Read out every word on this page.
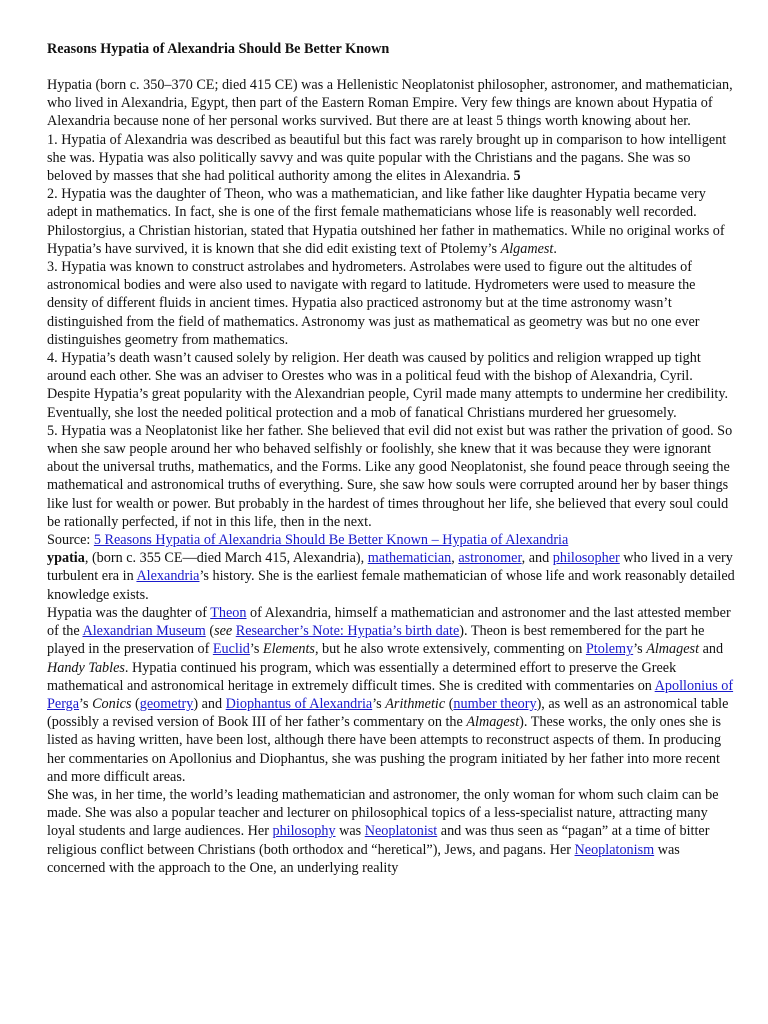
Reasons Hypatia of Alexandria Should Be Better Known

Hypatia (born c. 350–370 CE; died 415 CE) was a Hellenistic Neoplatonist philosopher, astronomer, and mathematician, who lived in Alexandria, Egypt, then part of the Eastern Roman Empire. Very few things are known about Hypatia of Alexandria because none of her personal works survived. But there are at least 5 things worth knowing about her.

1. Hypatia of Alexandria was described as beautiful but this fact was rarely brought up in comparison to how intelligent she was. Hypatia was also politically savvy and was quite popular with the Christians and the pagans. She was so beloved by masses that she had political authority among the elites in Alexandria. 5

2. Hypatia was the daughter of Theon, who was a mathematician, and like father like daughter Hypatia became very adept in mathematics. In fact, she is one of the first female mathematicians whose life is reasonably well recorded. Philostorgius, a Christian historian, stated that Hypatia outshined her father in mathematics. While no original works of Hypatia’s have survived, it is known that she did edit existing text of Ptolemy’s Algamest.

3. Hypatia was known to construct astrolabes and hydrometers. Astrolabes were used to figure out the altitudes of astronomical bodies and were also used to navigate with regard to latitude. Hydrometers were used to measure the density of different fluids in ancient times. Hypatia also practiced astronomy but at the time astronomy wasn’t distinguished from the field of mathematics. Astronomy was just as mathematical as geometry was but no one ever distinguishes geometry from mathematics.

4. Hypatia’s death wasn’t caused solely by religion. Her death was caused by politics and religion wrapped up tight around each other. She was an adviser to Orestes who was in a political feud with the bishop of Alexandria, Cyril. Despite Hypatia’s great popularity with the Alexandrian people, Cyril made many attempts to undermine her credibility. Eventually, she lost the needed political protection and a mob of fanatical Christians murdered her gruesomely.

5. Hypatia was a Neoplatonist like her father. She believed that evil did not exist but was rather the privation of good. So when she saw people around her who behaved selfishly or foolishly, she knew that it was because they were ignorant about the universal truths, mathematics, and the Forms. Like any good Neoplatonist, she found peace through seeing the mathematical and astronomical truths of everything. Sure, she saw how souls were corrupted around her by baser things like lust for wealth or power. But probably in the hardest of times throughout her life, she believed that every soul could be rationally perfected, if not in this life, then in the next.

Source: 5 Reasons Hypatia of Alexandria Should Be Better Known – Hypatia of Alexandria

ypatia, (born c. 355 CE—died March 415, Alexandria), mathematician, astronomer, and philosopher who lived in a very turbulent era in Alexandria’s history. She is the earliest female mathematician of whose life and work reasonably detailed knowledge exists.

Hypatia was the daughter of Theon of Alexandria, himself a mathematician and astronomer and the last attested member of the Alexandrian Museum (see Researcher’s Note: Hypatia’s birth date). Theon is best remembered for the part he played in the preservation of Euclid’s Elements, but he also wrote extensively, commenting on Ptolemy’s Almagest and Handy Tables. Hypatia continued his program, which was essentially a determined effort to preserve the Greek mathematical and astronomical heritage in extremely difficult times. She is credited with commentaries on Apollonius of Perga’s Conics (geometry) and Diophantus of Alexandria’s Arithmetic (number theory), as well as an astronomical table (possibly a revised version of Book III of her father’s commentary on the Almagest). These works, the only ones she is listed as having written, have been lost, although there have been attempts to reconstruct aspects of them. In producing her commentaries on Apollonius and Diophantus, she was pushing the program initiated by her father into more recent and more difficult areas.

She was, in her time, the world’s leading mathematician and astronomer, the only woman for whom such claim can be made. She was also a popular teacher and lecturer on philosophical topics of a less-specialist nature, attracting many loyal students and large audiences. Her philosophy was Neoplatonist and was thus seen as “pagan” at a time of bitter religious conflict between Christians (both orthodox and “heretical”), Jews, and pagans. Her Neoplatonism was concerned with the approach to the One, an underlying reality
